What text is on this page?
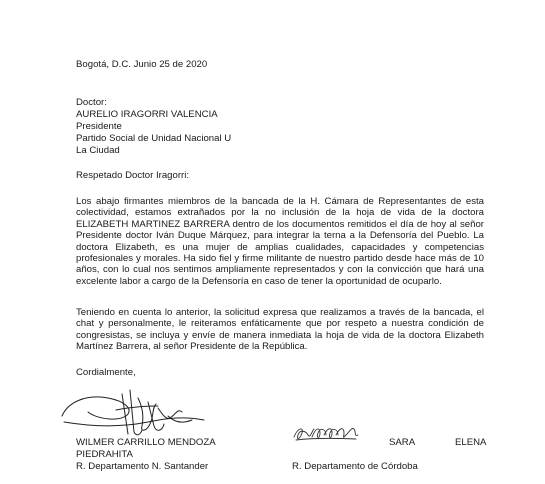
Bogotá, D.C. Junio 25 de 2020
Doctor:
AURELIO IRAGORRI VALENCIA
Presidente
Partido Social de Unidad Nacional U
La Ciudad
Respetado Doctor Iragorri:

Los abajo firmantes miembros de la bancada de la H. Cámara de Representantes de esta colectividad, estamos extrañados por la no inclusión de la hoja de vida de la doctora ELIZABETH MARTINEZ BARRERA dentro de los documentos remitidos el día de hoy al señor Presidente doctor Iván Duque Márquez, para integrar la terna a la Defensoría del Pueblo. La doctora Elizabeth, es una mujer de amplias cualidades, capacidades y competencias profesionales y morales. Ha sido fiel y firme militante de nuestro partido desde hace más de 10 años, con lo cual nos sentimos ampliamente representados y con la convicción que hará una excelente labor a cargo de la Defensoría en caso de tener la oportunidad de ocuparlo.

Teniendo en cuenta lo anterior, la solicitud expresa que realizamos a través de la bancada, el chat y personalmente, le reiteramos enfáticamente que por respeto a nuestra condición de congresistas, se incluya y envíe de manera inmediata la hoja de vida de la doctora Elizabeth Martínez Barrera, al señor Presidente de la República.

Cordialmente,
WILMER CARRILLO MENDOZA
PIEDRAHITA
R. Departamento N. Santander
SARA	ELENA
R. Departamento de Córdoba
